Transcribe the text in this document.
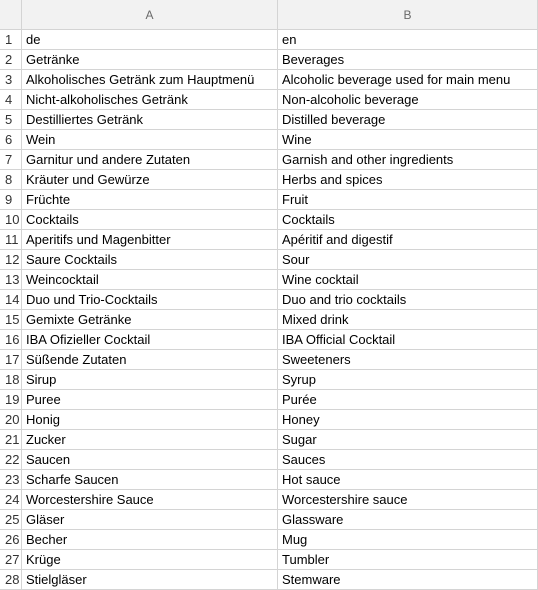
A	B
1	de	en
2	Getränke	Beverages
3	Alkoholisches Getränk zum Hauptmenü	Alcoholic beverage used for main menu
4	Nicht-alkoholisches Getränk	Non-alcoholic beverage
5	Destilliertes Getränk	Distilled beverage
6	Wein	Wine
7	Garnitur und andere Zutaten	Garnish and other ingredients
8	Kräuter und Gewürze	Herbs and spices
9	Früchte	Fruit
10 Cocktails	Cocktails
11 Aperitifs und Magenbitter	Apéritif and digestif
12 Saure Cocktails	Sour
13 Weincocktail	Wine cocktail
14 Duo und Trio-Cocktails	Duo and trio cocktails
15 Gemixte Getränke	Mixed drink
16 IBA Ofizieller Cocktail	IBA Official Cocktail
17 Süßende Zutaten	Sweeteners
18 Sirup	Syrup
19 Puree	Purée
20 Honig	Honey
21 Zucker	Sugar
22 Saucen	Sauces
23 Scharfe Saucen	Hot sauce
24 Worcestershire Sauce	Worcestershire sauce
25 Gläser	Glassware
26 Becher	Mug
27 Krüge	Tumbler
28 Stielgläser	Stemware
